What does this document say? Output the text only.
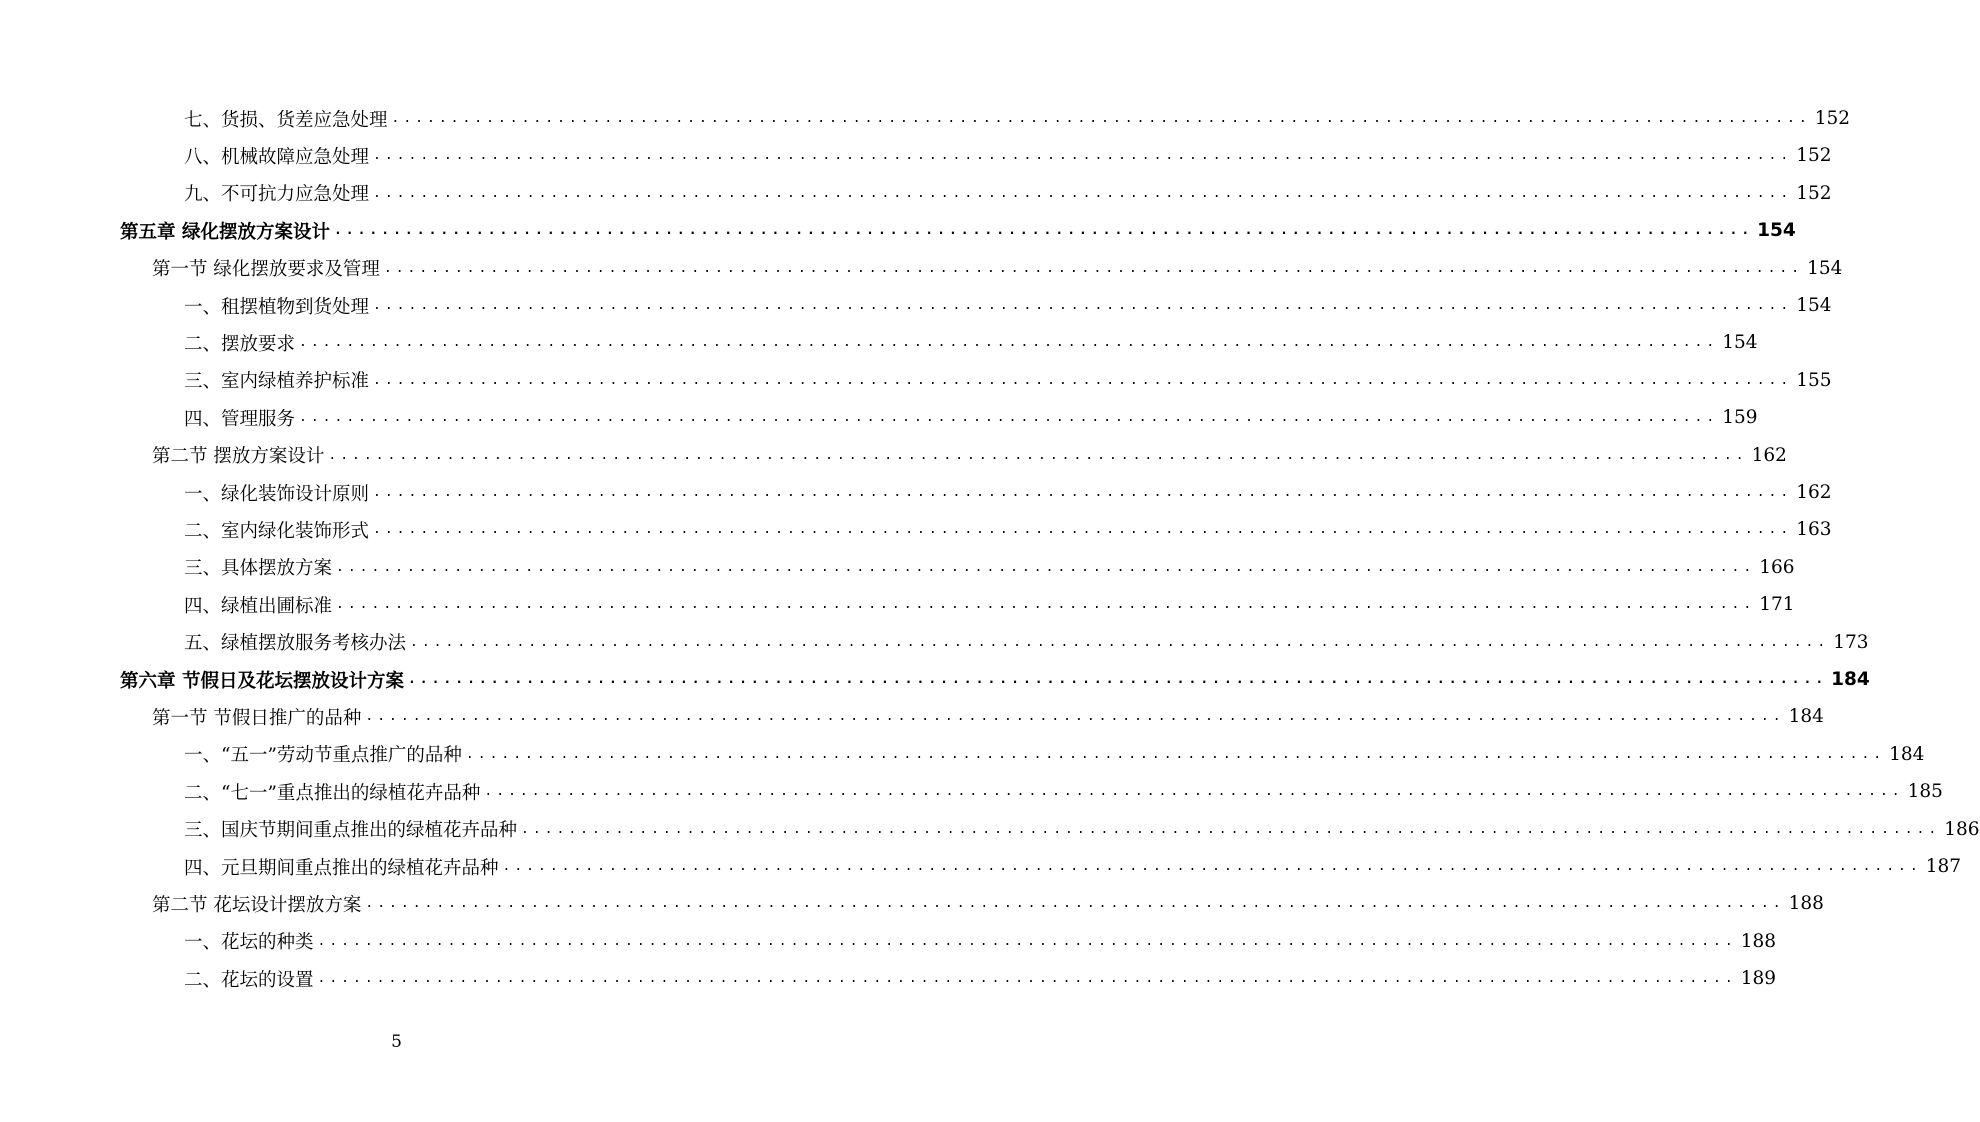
七、货损、货差应急处理 ........................................................................................................................ 152
八、机械故障应急处理 ........................................................................................................................ 152
九、不可抗力应急处理 ........................................................................................................................ 152
第五章 绿化摆放方案设计 ........................................................................................................................ 154
第一节 绿化摆放要求及管理 ........................................................................................................................ 154
一、租摆植物到货处理 ........................................................................................................................ 154
二、摆放要求 ........................................................................................................................ 154
三、室内绿植养护标准 ........................................................................................................................ 155
四、管理服务 ........................................................................................................................ 159
第二节 摆放方案设计 ........................................................................................................................ 162
一、绿化装饰设计原则 ........................................................................................................................ 162
二、室内绿化装饰形式 ........................................................................................................................ 163
三、具体摆放方案 ........................................................................................................................ 166
四、绿植出圃标准 ........................................................................................................................ 171
五、绿植摆放服务考核办法 ........................................................................................................................ 173
第六章 节假日及花坛摆放设计方案 ........................................................................................................................ 184
第一节 节假日推广的品种 ........................................................................................................................ 184
一、“五一”劳动节重点推广的品种 ........................................................................................................................ 184
二、“七一”重点推出的绿植花卉品种 ........................................................................................................................ 185
三、国庆节期间重点推出的绿植花卉品种 ........................................................................................................................ 186
四、元旦期间重点推出的绿植花卉品种 ........................................................................................................................ 187
第二节 花坛设计摆放方案 ........................................................................................................................ 188
一、花坛的种类 ........................................................................................................................ 188
二、花坛的设置 ........................................................................................................................ 189
5
